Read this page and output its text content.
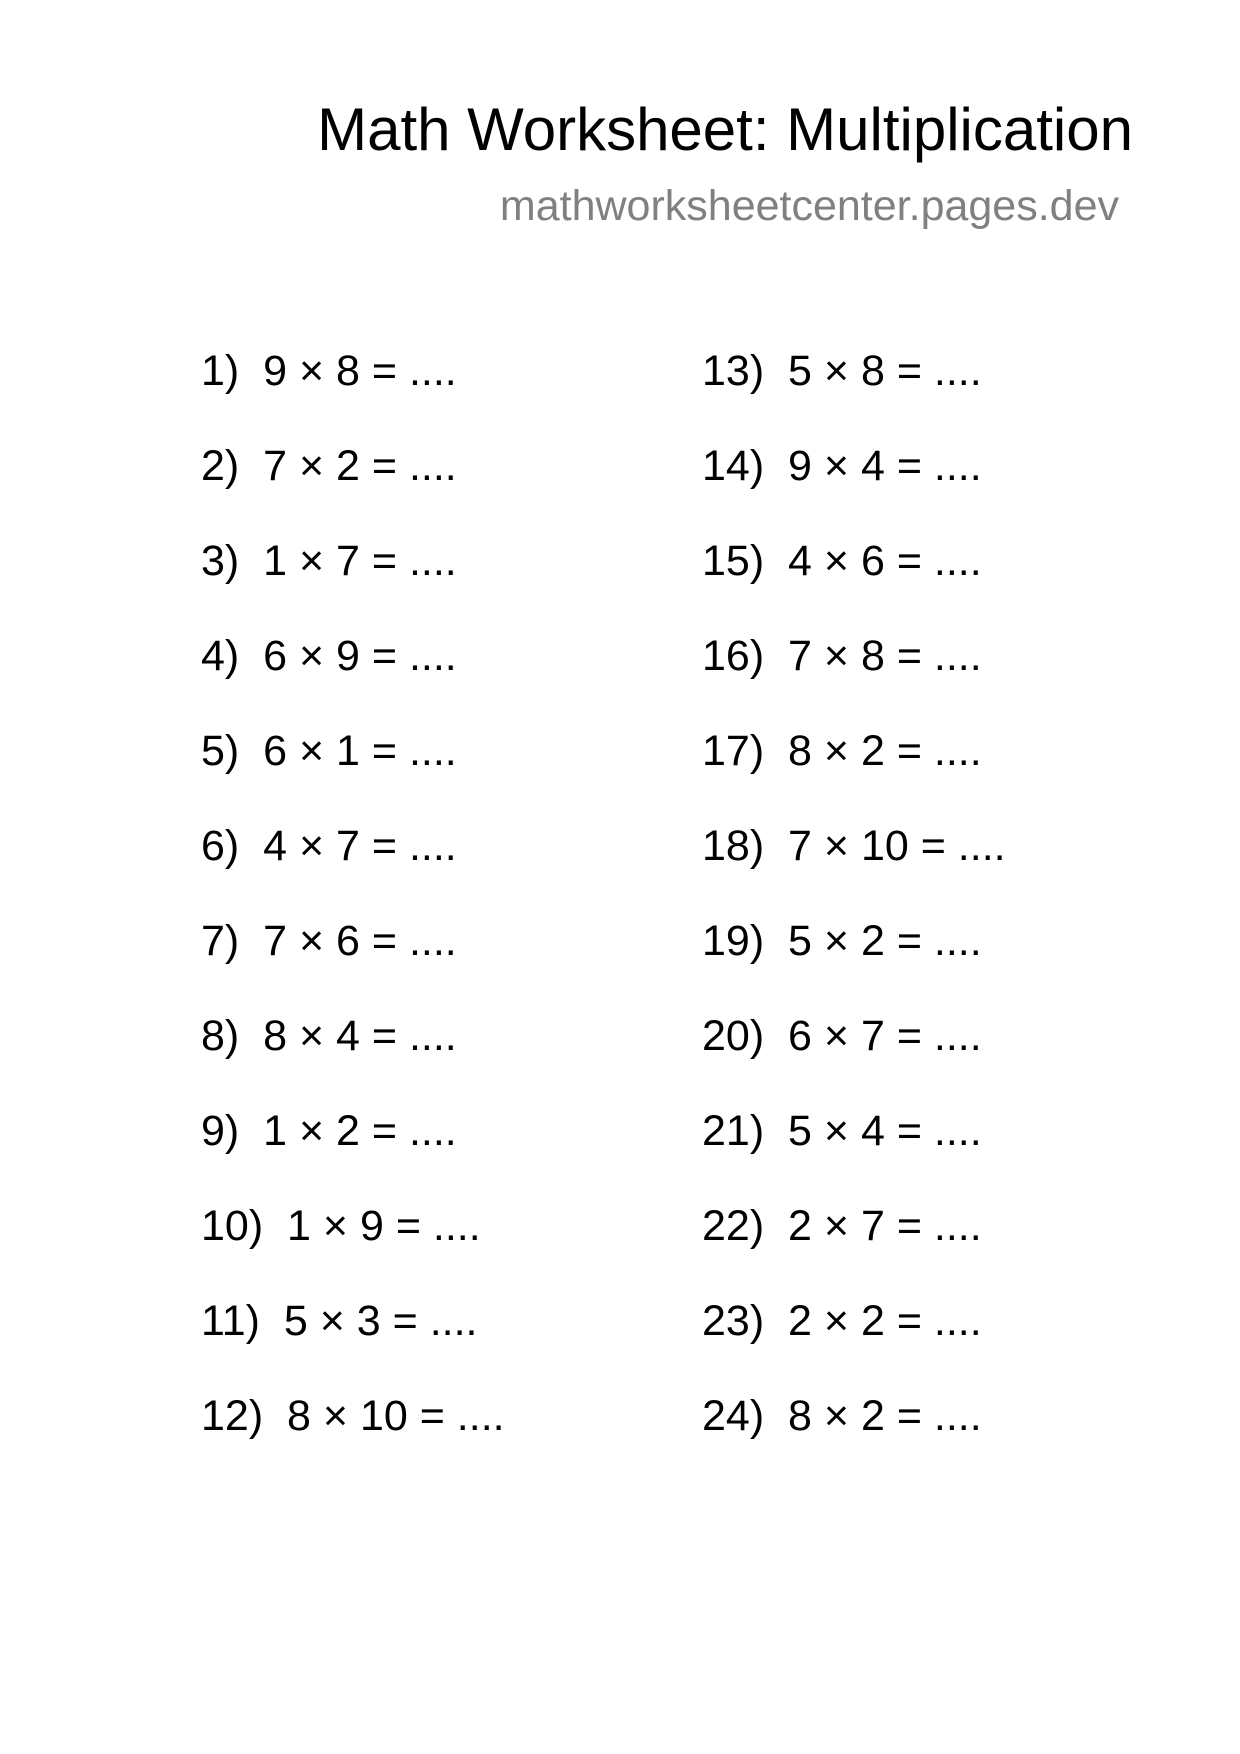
Math Worksheet: Multiplication
mathworksheetcenter.pages.dev
1)  9 × 8 = ....
2)  7 × 2 = ....
3)  1 × 7 = ....
4)  6 × 9 = ....
5)  6 × 1 = ....
6)  4 × 7 = ....
7)  7 × 6 = ....
8)  8 × 4 = ....
9)  1 × 2 = ....
10)  1 × 9 = ....
11)  5 × 3 = ....
12)  8 × 10 = ....
13)  5 × 8 = ....
14)  9 × 4 = ....
15)  4 × 6 = ....
16)  7 × 8 = ....
17)  8 × 2 = ....
18)  7 × 10 = ....
19)  5 × 2 = ....
20)  6 × 7 = ....
21)  5 × 4 = ....
22)  2 × 7 = ....
23)  2 × 2 = ....
24)  8 × 2 = ....
